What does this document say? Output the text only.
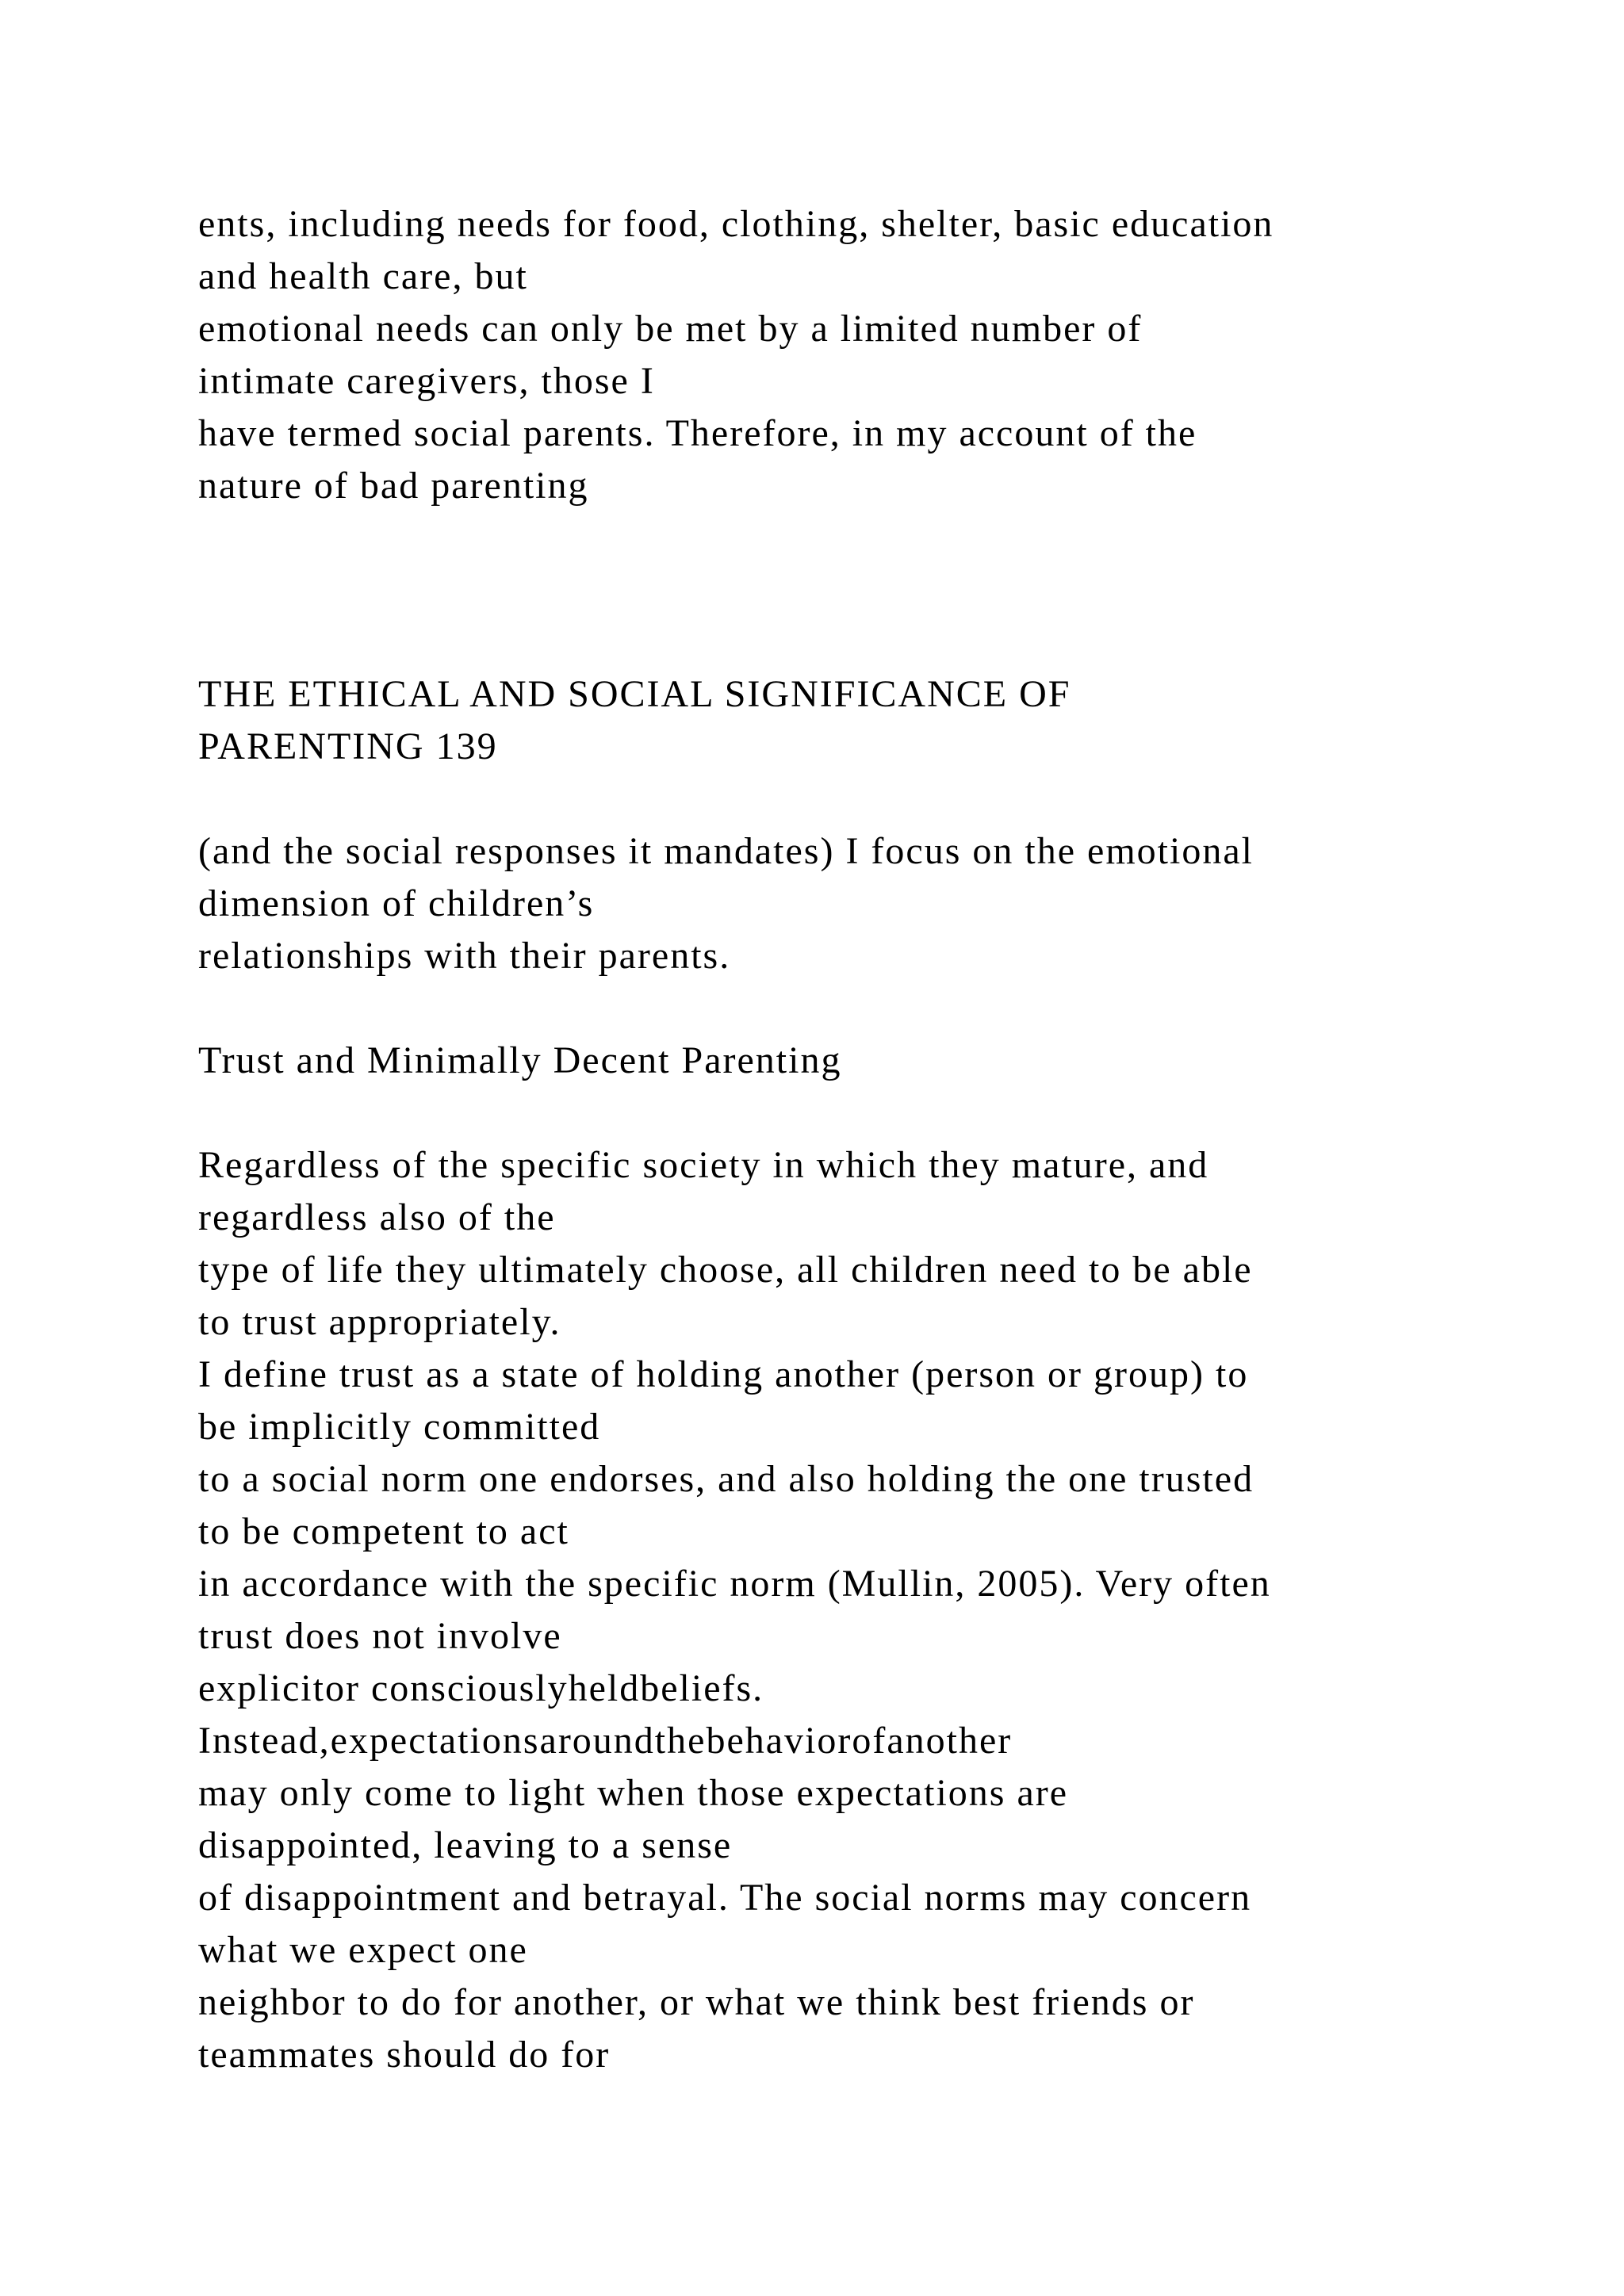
ents, including needs for food, clothing, shelter, basic education
and health care, but
emotional needs can only be met by a limited number of
intimate caregivers, those I
have termed social parents. Therefore, in my account of the
nature of bad parenting
THE ETHICAL AND SOCIAL SIGNIFICANCE OF
PARENTING 139
(and the social responses it mandates) I focus on the emotional
dimension of children’s
relationships with their parents.
Trust and Minimally Decent Parenting
Regardless of the specific society in which they mature, and
regardless also of the
type of life they ultimately choose, all children need to be able
to trust appropriately.
I define trust as a state of holding another (person or group) to
be implicitly committed
to a social norm one endorses, and also holding the one trusted
to be competent to act
in accordance with the specific norm (Mullin, 2005). Very often
trust does not involve
explicitor consciouslyheldbeliefs.
Instead,expectationsaroundthebehaviorofanother
may only come to light when those expectations are
disappointed, leaving to a sense
of disappointment and betrayal. The social norms may concern
what we expect one
neighbor to do for another, or what we think best friends or
teammates should do for
